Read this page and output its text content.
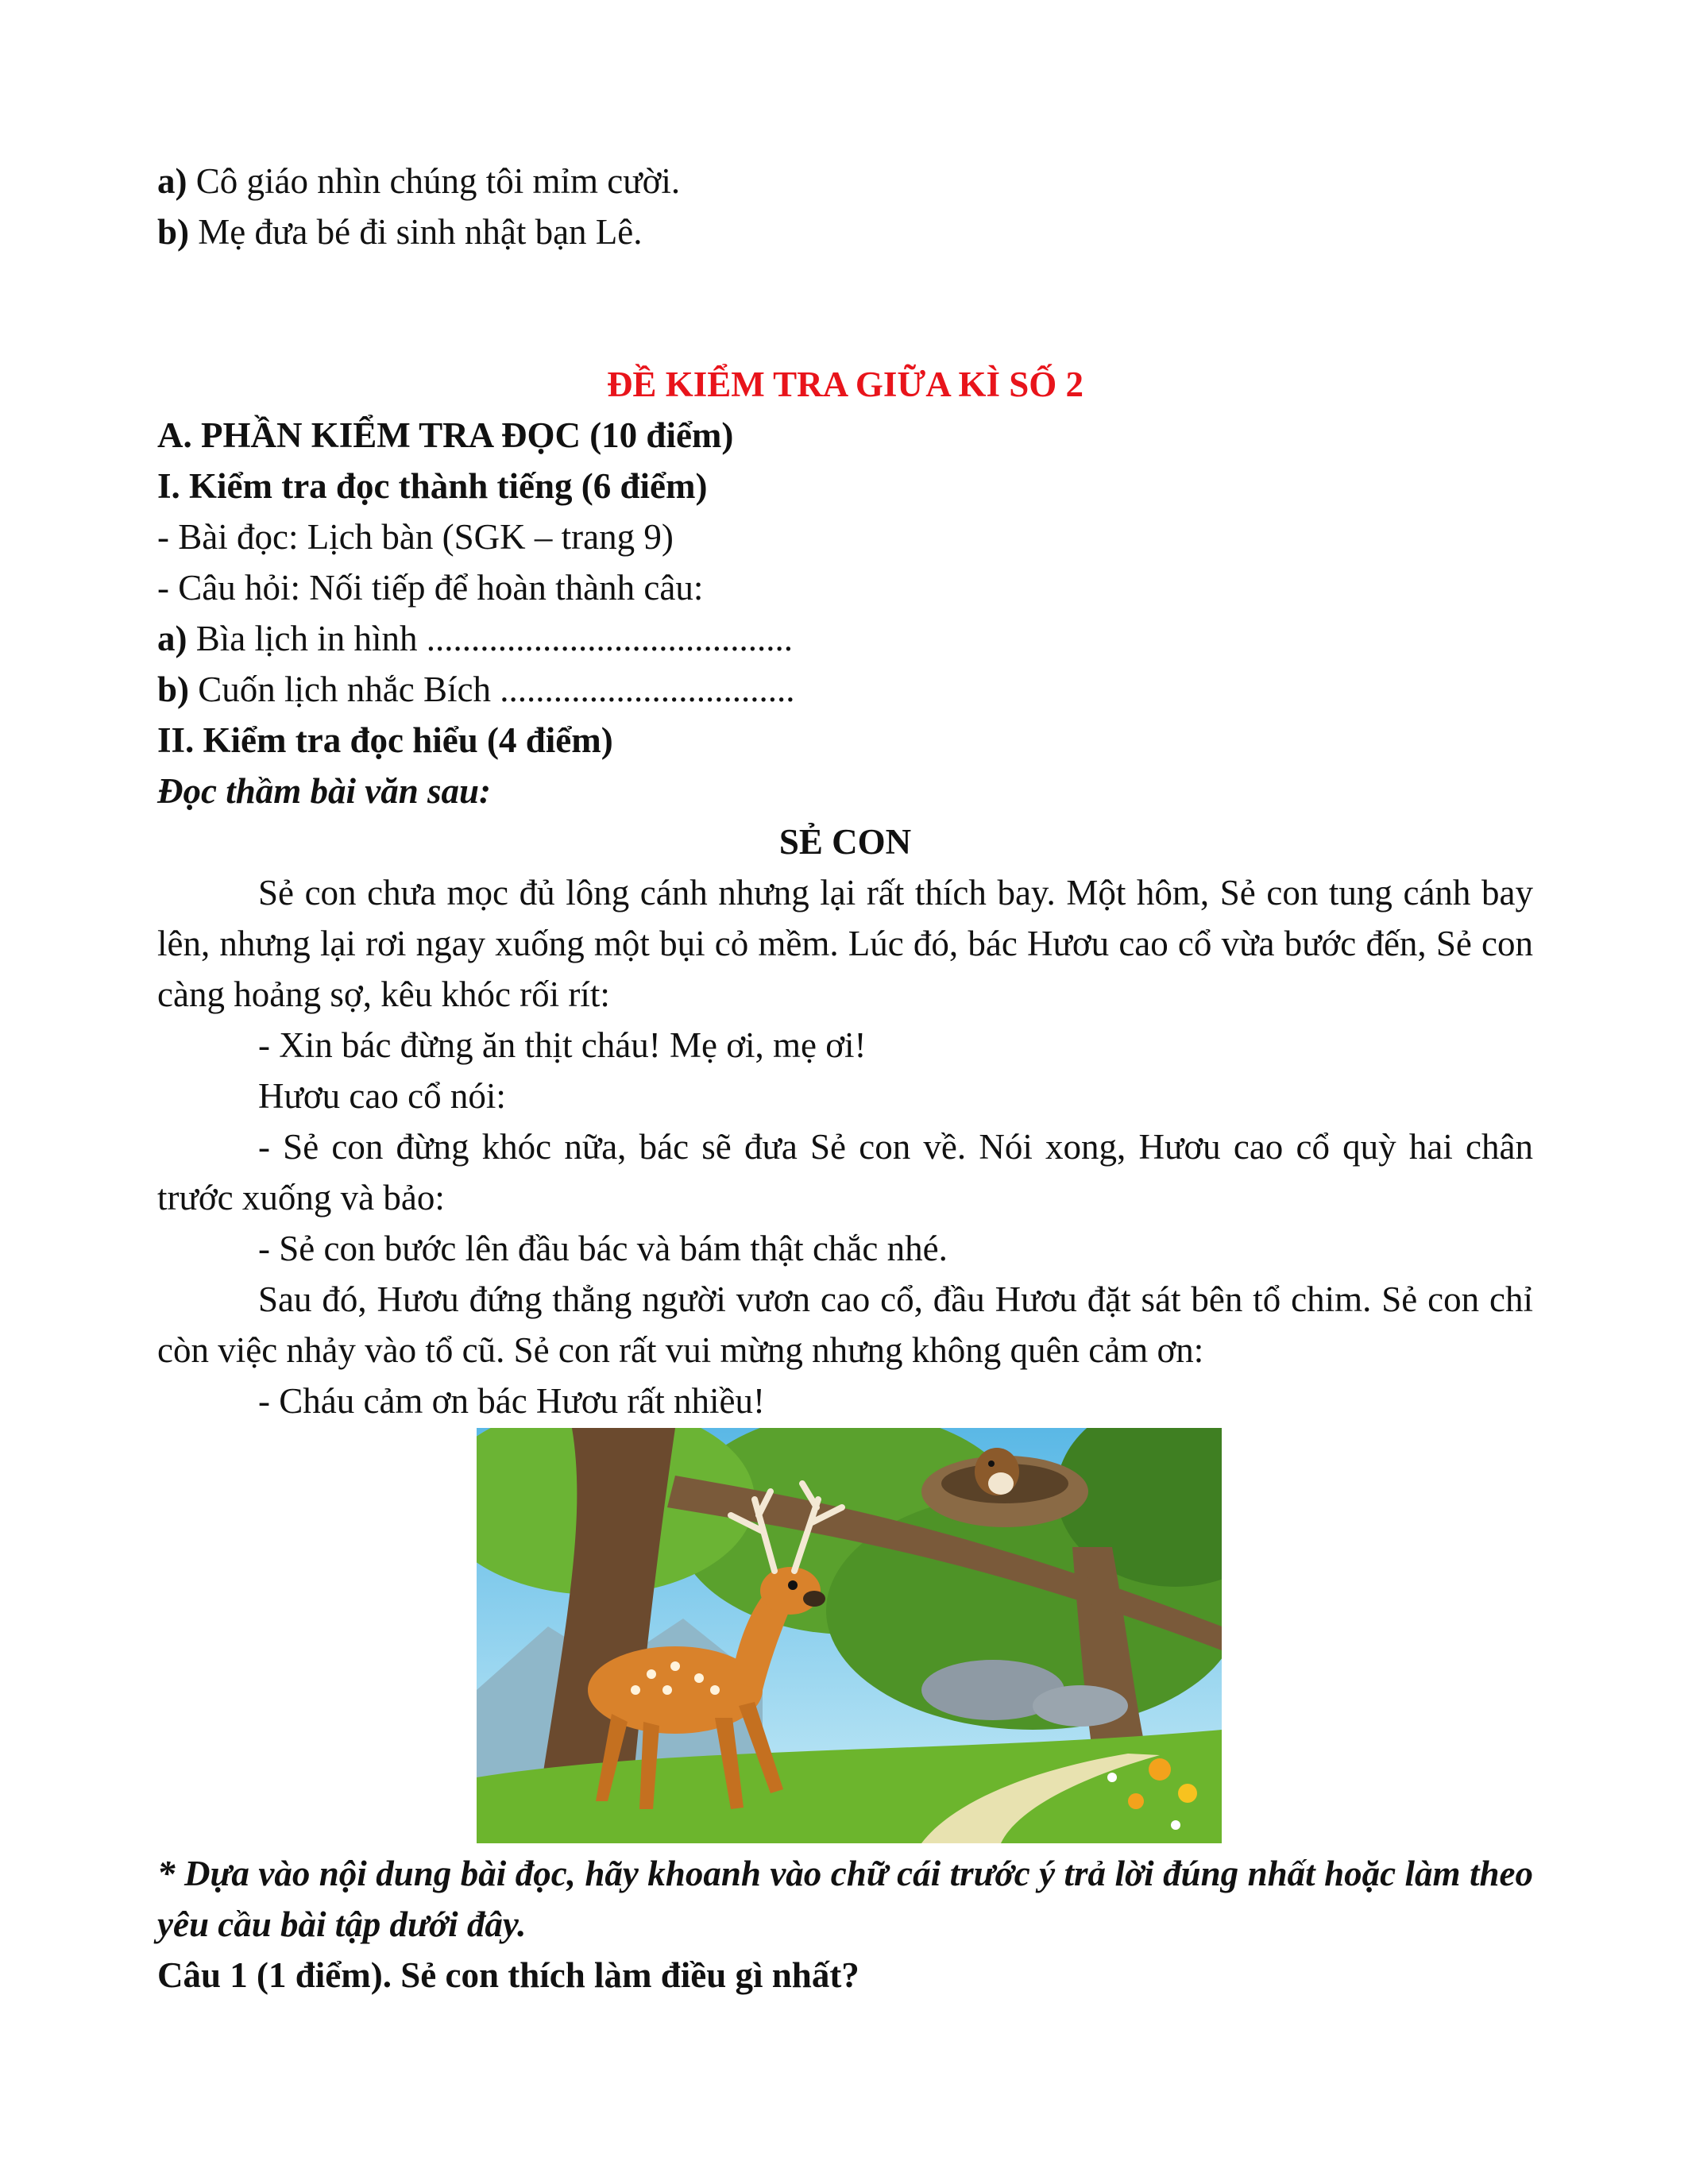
a) Cô giáo nhìn chúng tôi mỉm cười.

b) Mẹ đưa bé đi sinh nhật bạn Lê.

ĐỀ KIỂM TRA GIỮA KÌ SỐ 2

A. PHẦN KIỂM TRA ĐỌC (10 điểm)

I. Kiểm tra đọc thành tiếng (6 điểm)

- Bài đọc: Lịch bàn (SGK – trang 9)

- Câu hỏi: Nối tiếp để hoàn thành câu:

a) Bìa lịch in hình .........................................

b) Cuốn lịch nhắc Bích .................................

II. Kiểm tra đọc hiểu (4 điểm)

Đọc thầm bài văn sau:

SẺ CON

Sẻ con chưa mọc đủ lông cánh nhưng lại rất thích bay. Một hôm, Sẻ con tung cánh bay lên, nhưng lại rơi ngay xuống một bụi cỏ mềm. Lúc đó, bác Hươu cao cổ vừa bước đến, Sẻ con càng hoảng sợ, kêu khóc rối rít:

- Xin bác đừng ăn thịt cháu! Mẹ ơi, mẹ ơi!

Hươu cao cổ nói:

- Sẻ con đừng khóc nữa, bác sẽ đưa Sẻ con về. Nói xong, Hươu cao cổ quỳ hai chân trước xuống và bảo:

- Sẻ con bước lên đầu bác và bám thật chắc nhé.

Sau đó, Hươu đứng thẳng người vươn cao cổ, đầu Hươu đặt sát bên tổ chim. Sẻ con chỉ còn việc nhảy vào tổ cũ. Sẻ con rất vui mừng nhưng không quên cảm ơn:

- Cháu cảm ơn bác Hươu rất nhiều!

* Dựa vào nội dung bài đọc, hãy khoanh vào chữ cái trước ý trả lời đúng nhất hoặc làm theo yêu cầu bài tập dưới đây.

Câu 1 (1 điểm). Sẻ con thích làm điều gì nhất?
